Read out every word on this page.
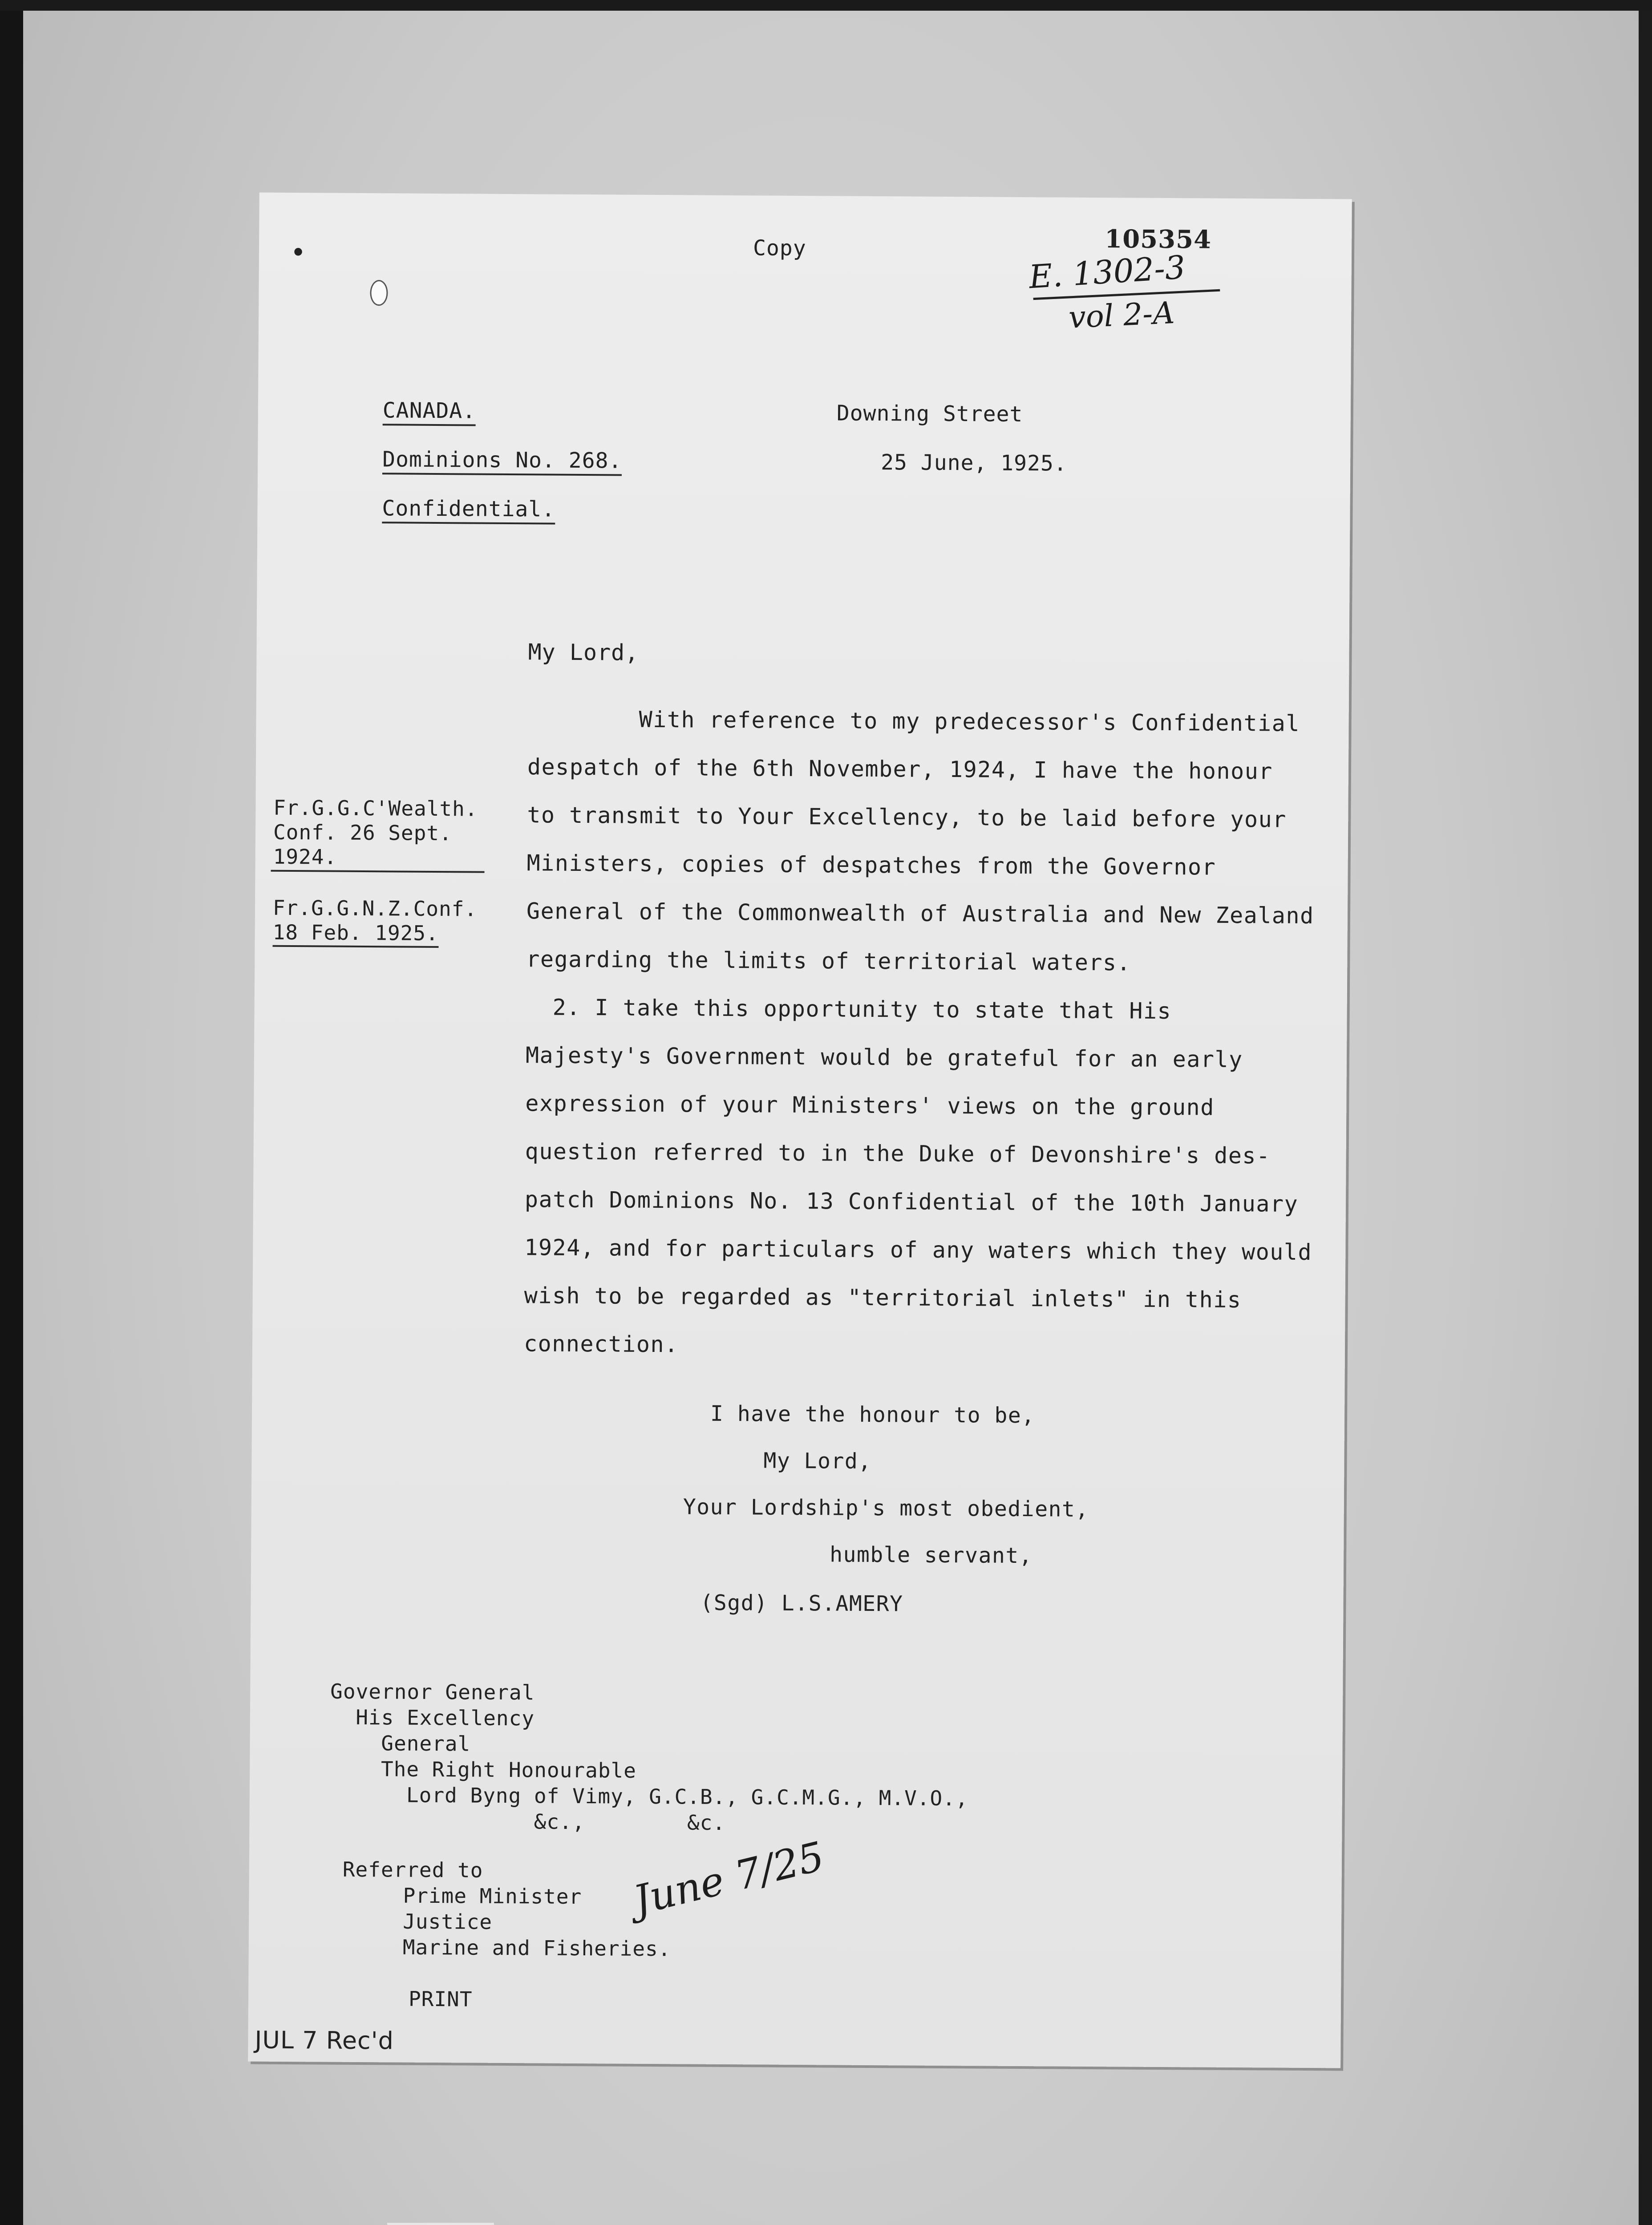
•	Copy	105354
E. 1302-3
vol 2-A
CANADA.
Dominions No. 268.
Confidential.
Downing Street
25 June, 1925.
My Lord,
Fr.G.G.C'Wealth.
Conf. 26 Sept.
1924.
Fr.G.G.N.Z.Conf.
18 Feb. 1925.
With reference to my predecessor's Confidential
despatch of the 6th November, 1924, I have the honour
to transmit to Your Excellency, to be laid before your
Ministers, copies of despatches from the Governor
General of the Commonwealth of Australia and New Zealand
regarding the limits of territorial waters.
2. I take this opportunity to state that His
Majesty's Government would be grateful for an early
expression of your Ministers' views on the ground
question referred to in the Duke of Devonshire's des-
patch Dominions No. 13 Confidential of the 10th January
1924, and for particulars of any waters which they would
wish to be regarded as "territorial inlets" in this
connection.
I have the honour to be,
My Lord,
Your Lordship's most obedient,
humble servant,
(Sgd) L.S.AMERY
Governor General
His Excellency
General
The Right Honourable
Lord Byng of Vimy, G.C.B., G.C.M.G., M.V.O.,
&c.,        &c.
Referred to
Prime Minister
Justice
Marine and Fisheries.
June 7/25
PRINT
JUL 7 Rec'd
